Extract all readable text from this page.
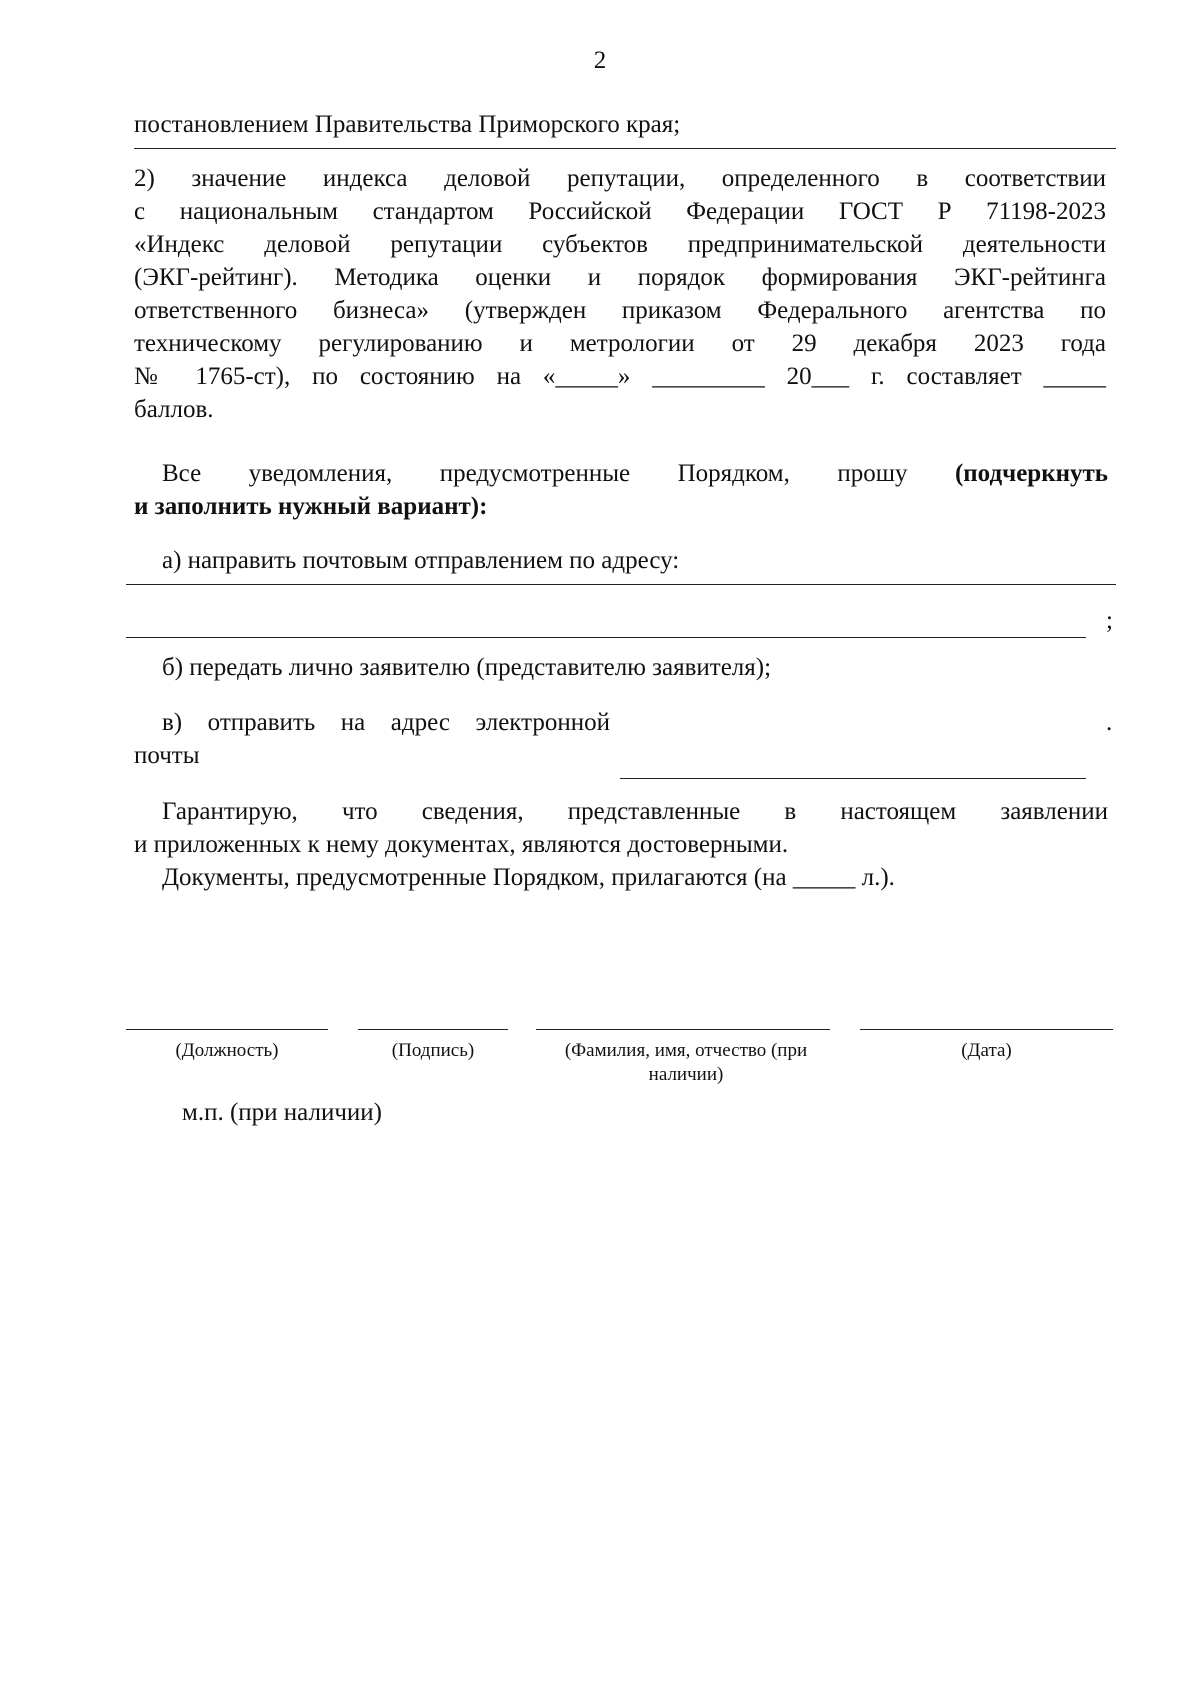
2
постановлением Правительства Приморского края;
2) значение индекса деловой репутации, определенного в соответствии
с национальным стандартом Российской Федерации ГОСТ Р 71198-2023
«Индекс деловой репутации субъектов предпринимательской деятельности
(ЭКГ-рейтинг). Методика оценки и порядок формирования ЭКГ-рейтинга
ответственного бизнеса» (утвержден приказом Федерального агентства по
техническому регулированию и метрологии от 29 декабря 2023 года
№ 1765-ст), по состоянию на «_____» _________ 20___ г. составляет _____
баллов.
Все уведомления, предусмотренные Порядком, прошу (подчеркнуть
и заполнить нужный вариант):
а) направить почтовым отправлением по адресу:
;
б) передать лично заявителю (представителю заявителя);
в) отправить на адрес электронной
почты
.
Гарантирую, что сведения, представленные в настоящем заявлении
и приложенных к нему документах, являются достоверными.
Документы, предусмотренные Порядком, прилагаются (на _____ л.).
(Должность)	(Подпись)	(Фамилия, имя, отчество (при наличии)
(Дата)
м.п. (при наличии)
